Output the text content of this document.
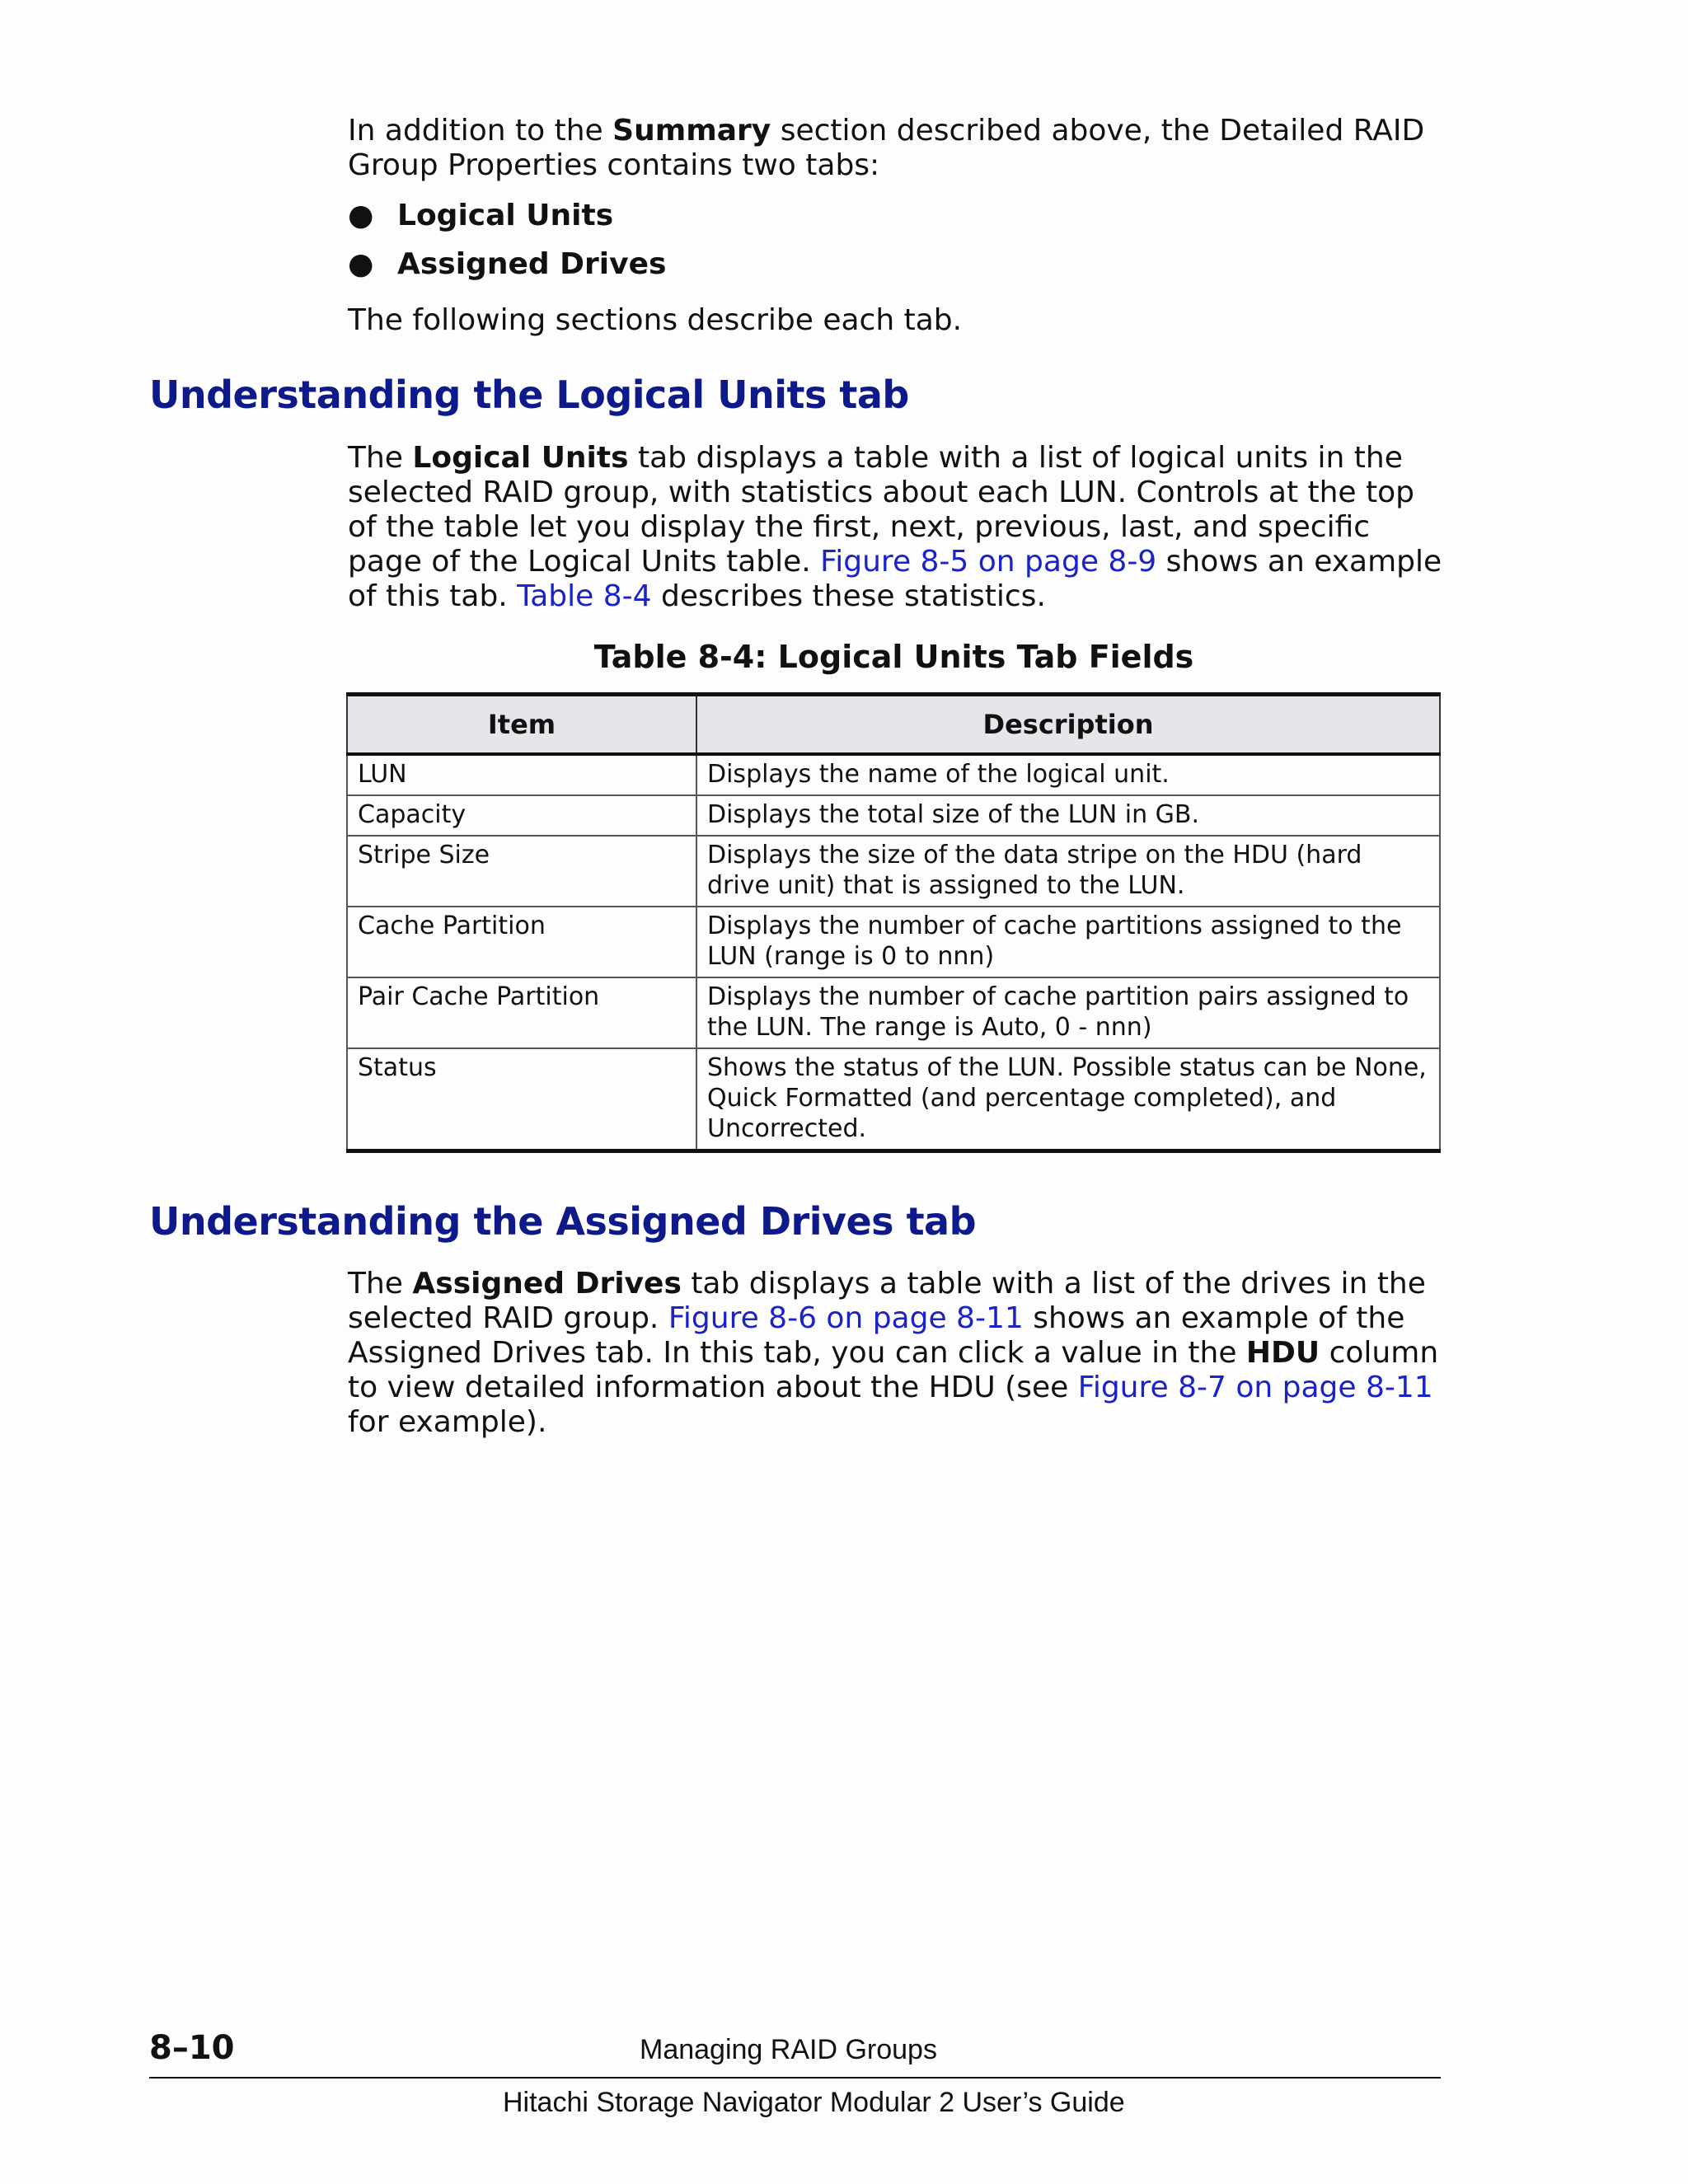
In addition to the Summary section described above, the Detailed RAID Group Properties contains two tabs:

● Logical Units
● Assigned Drives

The following sections describe each tab.

Understanding the Logical Units tab

The Logical Units tab displays a table with a list of logical units in the selected RAID group, with statistics about each LUN. Controls at the top of the table let you display the first, next, previous, last, and specific page of the Logical Units table. Figure 8-5 on page 8-9 shows an example of this tab. Table 8-4 describes these statistics.

Table 8-4: Logical Units Tab Fields
Item	Description
LUN	Displays the name of the logical unit.
Capacity	Displays the total size of the LUN in GB.
Stripe Size	Displays the size of the data stripe on the HDU (hard drive unit) that is assigned to the LUN.
Cache Partition	Displays the number of cache partitions assigned to the LUN (range is 0 to nnn)
Pair Cache Partition	Displays the number of cache partition pairs assigned to the LUN. The range is Auto, 0 - nnn)
Status	Shows the status of the LUN. Possible status can be None, Quick Formatted (and percentage completed), and Uncorrected.
Understanding the Assigned Drives tab

The Assigned Drives tab displays a table with a list of the drives in the selected RAID group. Figure 8-6 on page 8-11 shows an example of the Assigned Drives tab. In this tab, you can click a value in the HDU column to view detailed information about the HDU (see Figure 8-7 on page 8-11 for example).

8–10	Managing RAID Groups
Hitachi Storage Navigator Modular 2 User’s Guide
